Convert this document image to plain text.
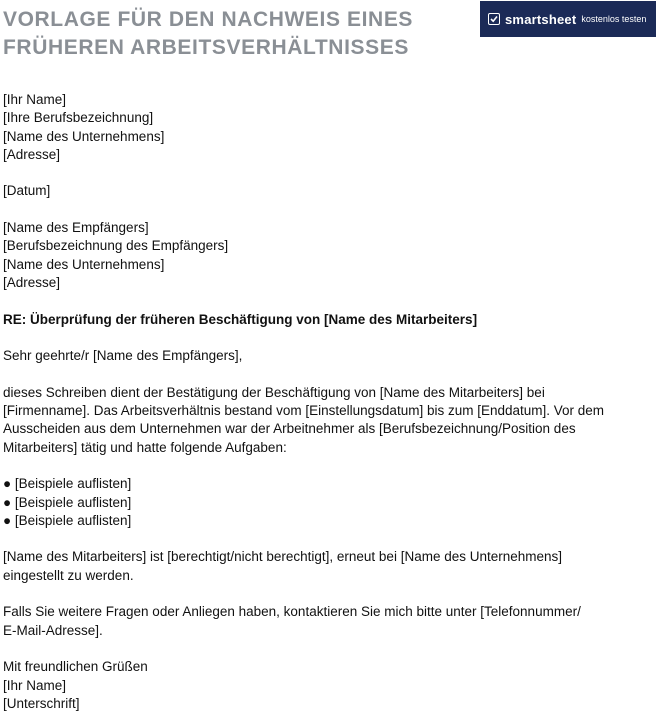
VORLAGE FÜR DEN NACHWEIS EINES
FRÜHEREN ARBEITSVERHÄLTNISSES
smartsheet kostenlos testen
[Ihr Name]
[Ihre Berufsbezeichnung]
[Name des Unternehmens]
[Adresse]
[Datum]
[Name des Empfängers]
[Berufsbezeichnung des Empfängers]
[Name des Unternehmens]
[Adresse]
RE: Überprüfung der früheren Beschäftigung von [Name des Mitarbeiters]
Sehr geehrte/r [Name des Empfängers],
dieses Schreiben dient der Bestätigung der Beschäftigung von [Name des Mitarbeiters] bei
[Firmenname]. Das Arbeitsverhältnis bestand vom [Einstellungsdatum] bis zum [Enddatum]. Vor dem
Ausscheiden aus dem Unternehmen war der Arbeitnehmer als [Berufsbezeichnung/Position des
Mitarbeiters] tätig und hatte folgende Aufgaben:
● [Beispiele auflisten]
● [Beispiele auflisten]
● [Beispiele auflisten]
[Name des Mitarbeiters] ist [berechtigt/nicht berechtigt], erneut bei [Name des Unternehmens]
eingestellt zu werden.
Falls Sie weitere Fragen oder Anliegen haben, kontaktieren Sie mich bitte unter [Telefonnummer/
E-Mail-Adresse].
Mit freundlichen Grüßen
[Ihr Name]
[Unterschrift]
